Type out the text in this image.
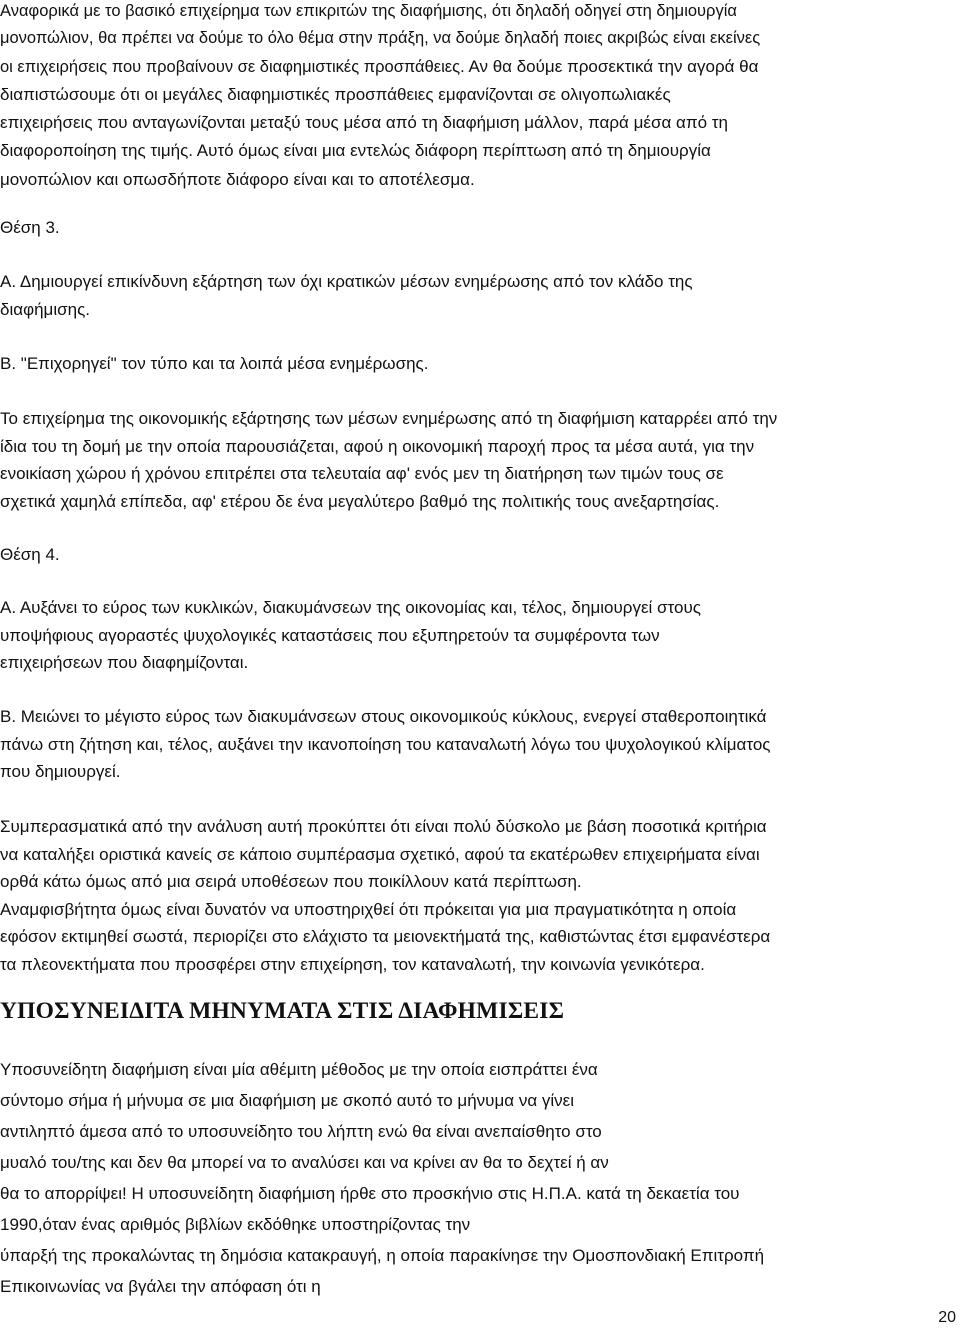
Αναφορικά με το βασικό επιχείρημα των επικριτών της διαφήμισης, ότι δηλαδή οδηγεί στη δημιουργία
μονοπώλιον, θα πρέπει να δούμε το όλο θέμα στην πράξη, να δούμε δηλαδή ποιες ακριβώς είναι εκείνες
οι επιχειρήσεις που προβαίνουν σε διαφημιστικές προσπάθειες. Αν θα δούμε προσεκτικά την αγορά θα
διαπιστώσουμε ότι οι μεγάλες διαφημιστικές προσπάθειες εμφανίζονται σε ολιγοπωλιακές
επιχειρήσεις που ανταγωνίζονται μεταξύ τους μέσα από τη διαφήμιση μάλλον, παρά μέσα από τη
διαφοροποίηση της τιμής. Αυτό όμως είναι μια εντελώς διάφορη περίπτωση από τη δημιουργία
μονοπώλιον και οπωσδήποτε διάφορο είναι και το αποτέλεσμα.

Θέση 3.

Α. Δημιουργεί επικίνδυνη εξάρτηση των όχι κρατικών μέσων ενημέρωσης από τον κλάδο της
διαφήμισης.

Β. "Επιχορηγεί" τον τύπο και τα λοιπά μέσα ενημέρωσης.

Το επιχείρημα της οικονομικής εξάρτησης των μέσων ενημέρωσης από τη διαφήμιση καταρρέει από την
ίδια του τη δομή με την οποία παρουσιάζεται, αφού η οικονομική παροχή προς τα μέσα αυτά, για την
ενοικίαση χώρου ή χρόνου επιτρέπει στα τελευταία αφ' ενός μεν τη διατήρηση των τιμών τους σε
σχετικά χαμηλά επίπεδα, αφ' ετέρου δε ένα μεγαλύτερο βαθμό της πολιτικής τους ανεξαρτησίας.

Θέση 4.

Α. Αυξάνει το εύρος των κυκλικών, διακυμάνσεων της οικονομίας και, τέλος, δημιουργεί στους
υποψήφιους αγοραστές ψυχολογικές καταστάσεις που εξυπηρετούν τα συμφέροντα των
επιχειρήσεων που διαφημίζονται.

Β. Μειώνει το μέγιστο εύρος των διακυμάνσεων στους οικονομικούς κύκλους, ενεργεί σταθεροποιητικά
πάνω στη ζήτηση και, τέλος, αυξάνει την ικανοποίηση του καταναλωτή λόγω του ψυχολογικού κλίματος
που δημιουργεί.

Συμπερασματικά από την ανάλυση αυτή προκύπτει ότι είναι πολύ δύσκολο με βάση ποσοτικά κριτήρια
να καταλήξει οριστικά κανείς σε κάποιο συμπέρασμα σχετικό, αφού τα εκατέρωθεν επιχειρήματα είναι
ορθά κάτω όμως από μια σειρά υποθέσεων που ποικίλλουν κατά περίπτωση.
Αναμφισβήτητα όμως είναι δυνατόν να υποστηριχθεί ότι πρόκειται για μια πραγματικότητα η οποία
εφόσον εκτιμηθεί σωστά, περιορίζει στο ελάχιστο τα μειονεκτήματά της, καθιστώντας έτσι εμφανέστερα
τα πλεονεκτήματα που προσφέρει στην επιχείρηση, τον καταναλωτή, την κοινωνία γενικότερα.

ΥΠΟΣΥΝΕΙΔΙΤΑ ΜΗΝΥΜΑΤΑ ΣΤΙΣ ΔΙΑΦΗΜΙΣΕΙΣ

Υποσυνείδητη διαφήμιση είναι μία αθέμιτη μέθοδος με την οποία εισπράττει ένα

σύντομο σήμα ή μήνυμα σε μια διαφήμιση με σκοπό αυτό το μήνυμα να γίνει

αντιληπτό άμεσα από το υποσυνείδητο του λήπτη ενώ θα είναι ανεπαίσθητο στο

μυαλό του/της και δεν θα μπορεί να το αναλύσει και να κρίνει αν θα το δεχτεί ή αν

θα το απορρίψει! Η υποσυνείδητη διαφήμιση ήρθε στο προσκήνιο στις Η.Π.Α. κατά τη δεκαετία του

1990,όταν ένας αριθμός βιβλίων εκδόθηκε υποστηρίζοντας την

ύπαρξή της προκαλώντας τη δημόσια κατακραυγή, η οποία παρακίνησε την Ομοσπονδιακή Επιτροπή

Επικοινωνίας να βγάλει την απόφαση ότι η

20
